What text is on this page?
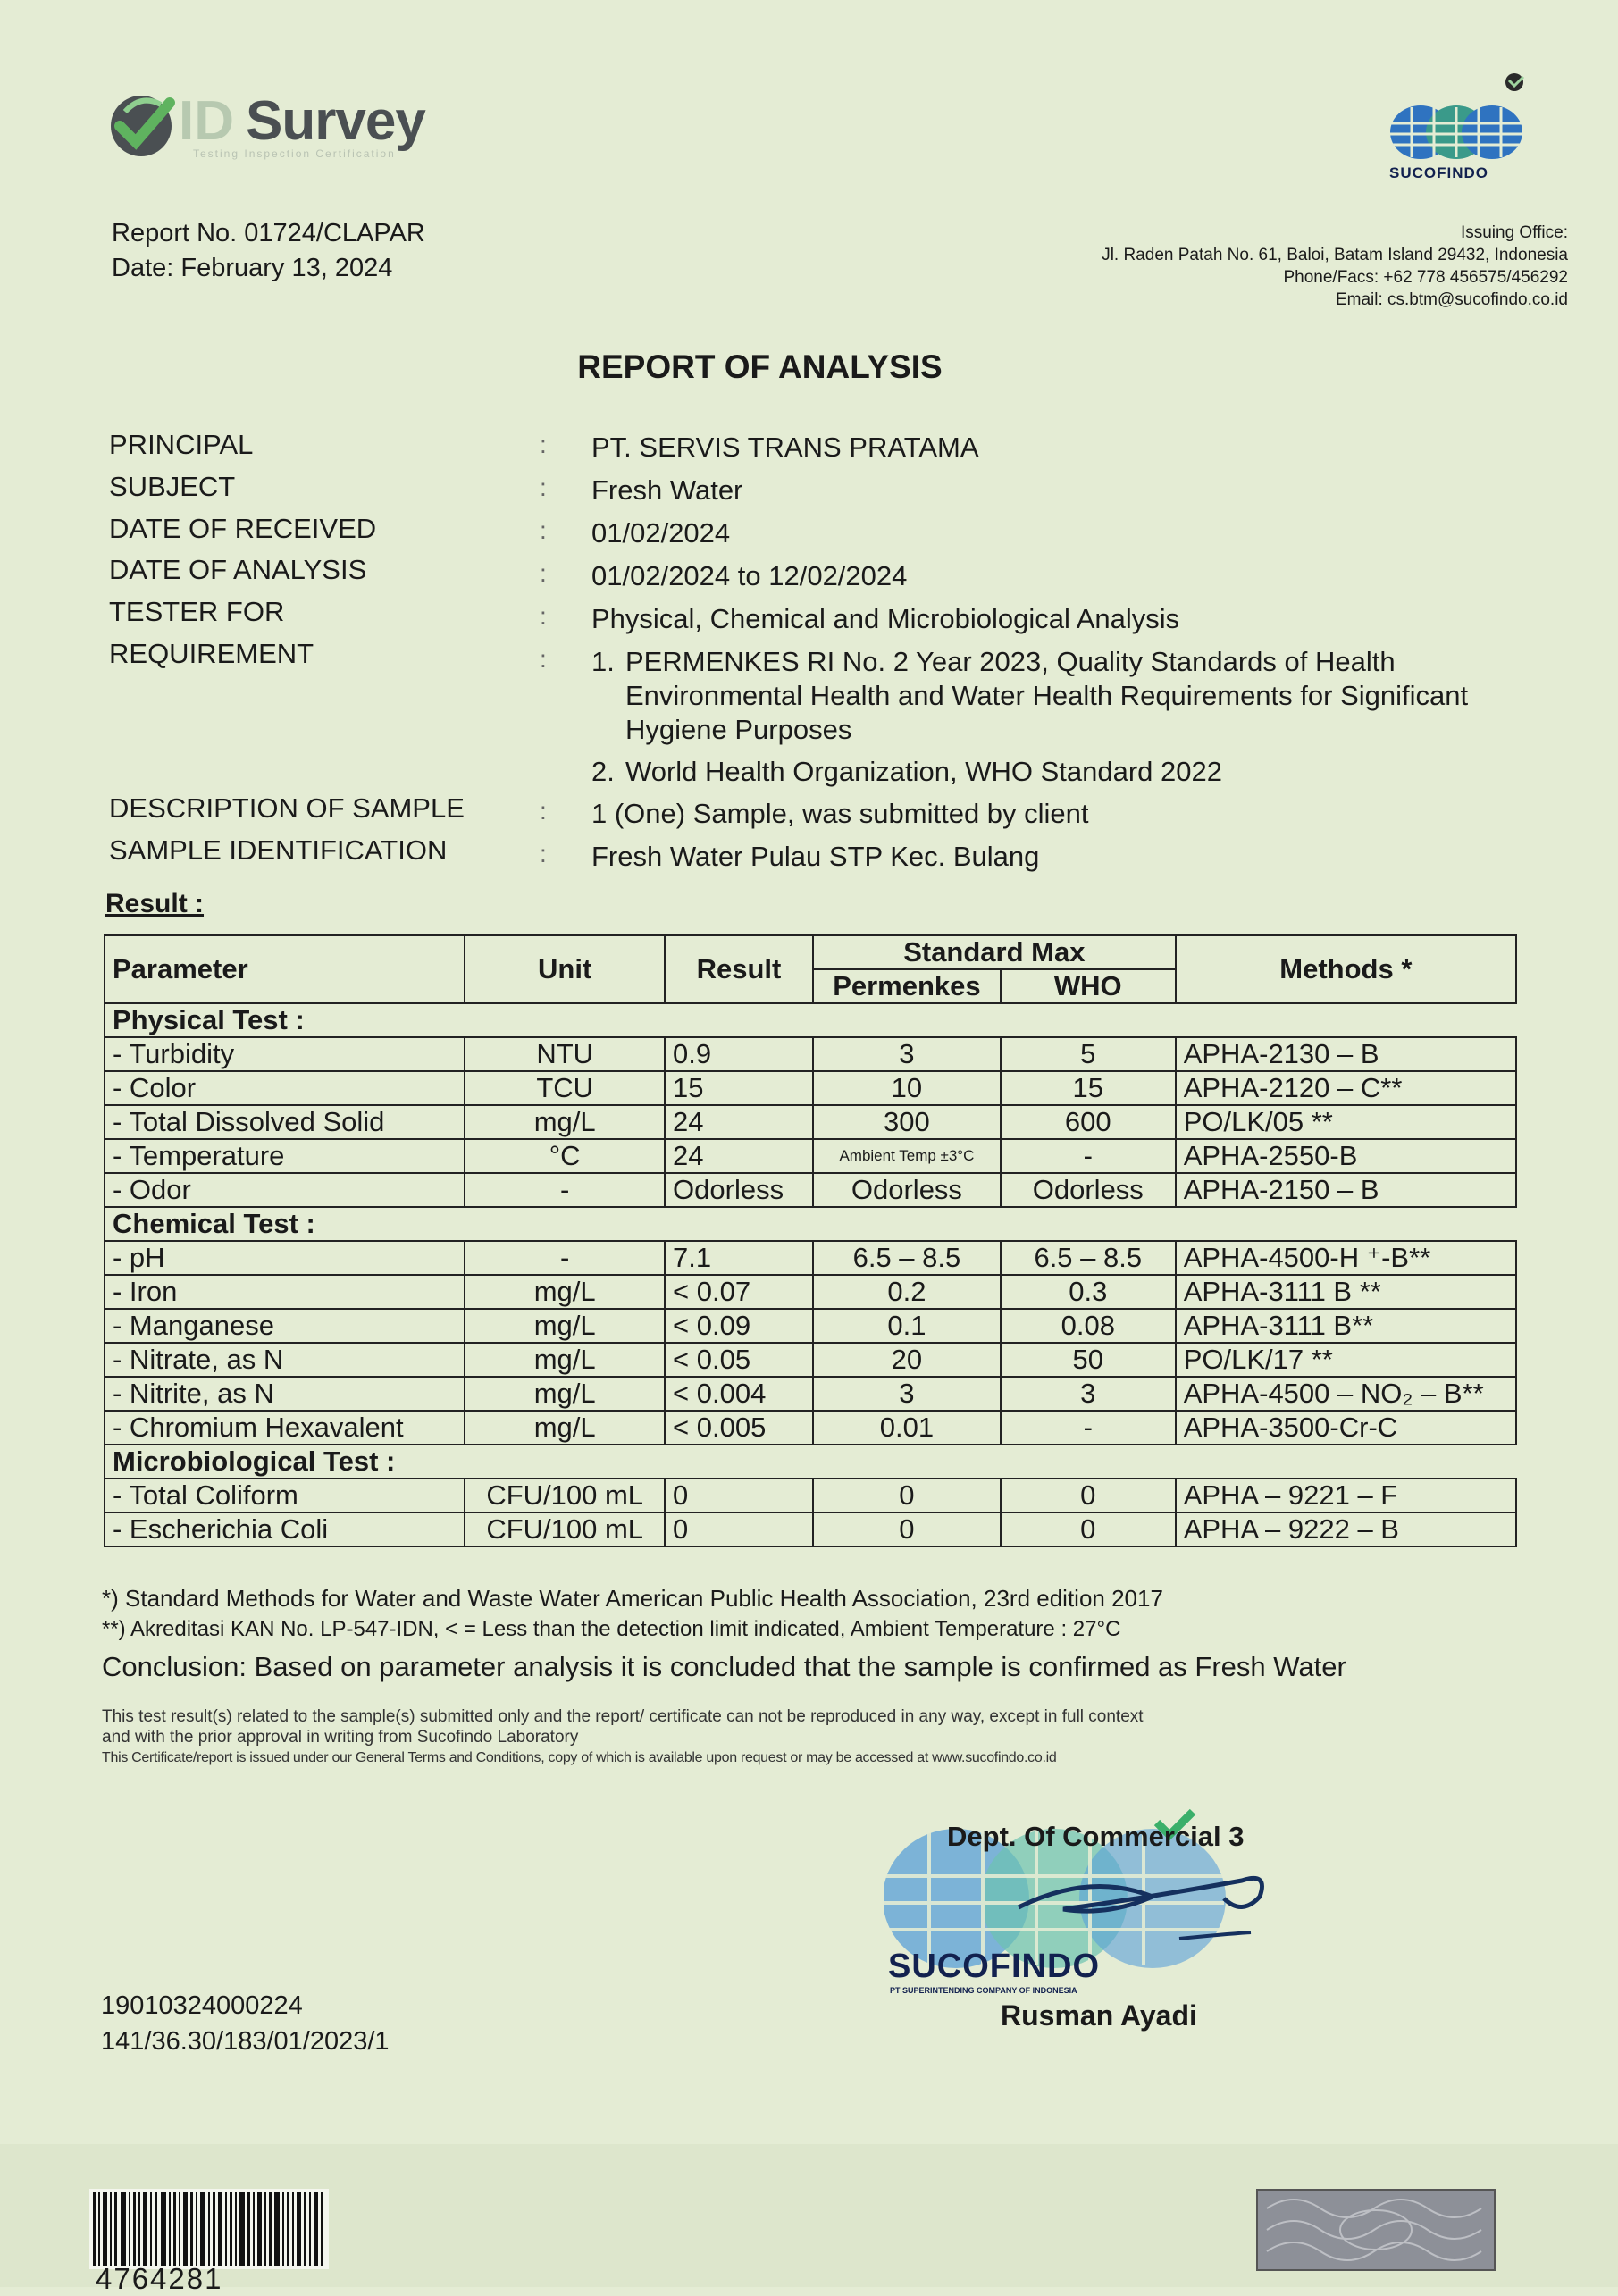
ID Survey
Testing Inspection Certification
SUCOFINDO
Report No. 01724/CLAPAR
Date: February 13, 2024
Issuing Office:
Jl. Raden Patah No. 61, Baloi, Batam Island 29432, Indonesia
Phone/Facs: +62 778 456575/456292
Email: cs.btm@sucofindo.co.id
REPORT OF ANALYSIS
PRINCIPAL	: PT. SERVIS TRANS PRATAMA
SUBJECT	: Fresh Water
DATE OF RECEIVED	: 01/02/2024
DATE OF ANALYSIS	: 01/02/2024 to 12/02/2024
TESTER FOR	: Physical, Chemical and Microbiological Analysis
REQUIREMENT	: 1. PERMENKES RI No. 2 Year 2023, Quality Standards of Health Environmental Health and Water Health Requirements for Significant Hygiene Purposes
2. World Health Organization, WHO Standard 2022
DESCRIPTION OF SAMPLE	: 1 (One) Sample, was submitted by client
SAMPLE IDENTIFICATION	: Fresh Water Pulau STP Kec. Bulang
Result :
Parameter	Unit	Result	Standard Max		Methods *
			Permenkes	WHO	
Physical Test :					
- Turbidity	NTU	0.9	3	5	APHA-2130 – B
- Color	TCU	15	10	15	APHA-2120 – C**
- Total Dissolved Solid	mg/L	24	300	600	PO/LK/05 **
- Temperature	°C	24	Ambient Temp ±3°C	-	APHA-2550-B
- Odor	-	Odorless	Odorless	Odorless	APHA-2150 – B
Chemical Test :					
- pH	-	7.1	6.5 – 8.5	6.5 – 8.5	APHA-4500-H ⁺-B**
- Iron	mg/L	< 0.07	0.2	0.3	APHA-3111 B **
- Manganese	mg/L	< 0.09	0.1	0.08	APHA-3111 B**
- Nitrate, as N	mg/L	< 0.05	20	50	PO/LK/17 **
- Nitrite, as N	mg/L	< 0.004	3	3	APHA-4500 – NO₂ – B**
- Chromium Hexavalent	mg/L	< 0.005	0.01	-	APHA-3500-Cr-C
Microbiological Test :					
- Total Coliform	CFU/100 mL	0	0	0	APHA – 9221 – F
- Escherichia Coli	CFU/100 mL	0	0	0	APHA – 9222 – B
*) Standard Methods for Water and Waste Water American Public Health Association, 23rd edition 2017
**) Akreditasi KAN No. LP-547-IDN, < = Less than the detection limit indicated, Ambient Temperature : 27°C
Conclusion: Based on parameter analysis it is concluded that the sample is confirmed as Fresh Water
This test result(s) related to the sample(s) submitted only and the report/ certificate can not be reproduced in any way, except in full context
and with the prior approval in writing from Sucofindo Laboratory
This Certificate/report is issued under our General Terms and Conditions, copy of which is available upon request or may be accessed at www.sucofindo.co.id
Dept. Of Commercial 3
SUCOFINDO
PT SUPERINTENDING COMPANY OF INDONESIA
Rusman Ayadi
19010324000224
141/36.30/183/01/2023/1
4764281
